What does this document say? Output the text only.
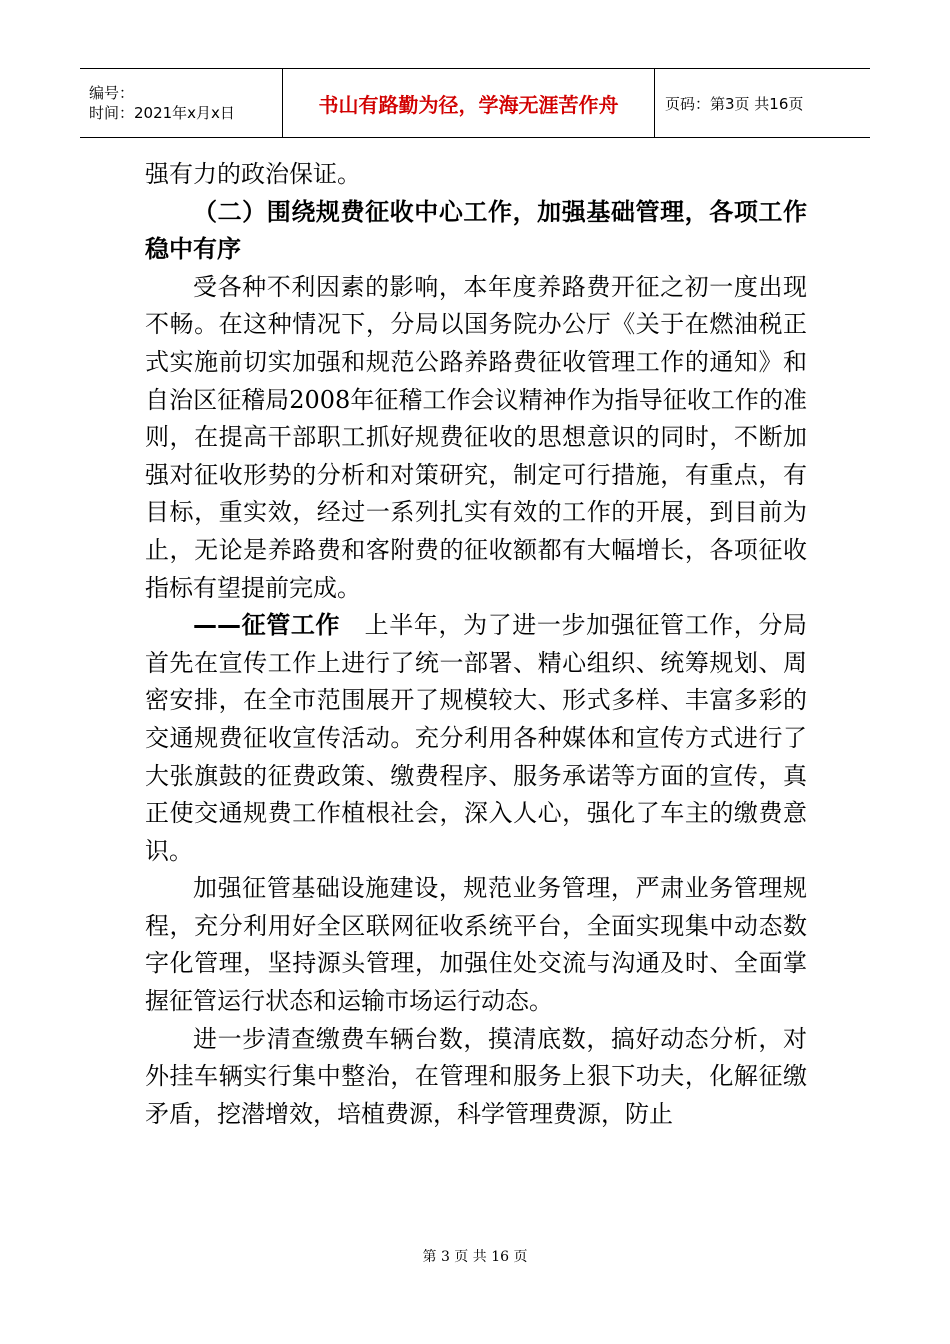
编号：
时间：2021年x月x日	书山有路勤为径，学海无涯苦作舟	页码：第3页 共16页

强有力的政治保证。

（二）围绕规费征收中心工作，加强基础管理，各项工作稳中有序

受各种不利因素的影响，本年度养路费开征之初一度出现不畅。在这种情况下，分局以国务院办公厅《关于在燃油税正式实施前切实加强和规范公路养路费征收管理工作的通知》和自治区征稽局2008年征稽工作会议精神作为指导征收工作的准则，在提高干部职工抓好规费征收的思想意识的同时，不断加强对征收形势的分析和对策研究，制定可行措施，有重点，有目标，重实效，经过一系列扎实有效的工作的开展，到目前为止，无论是养路费和客附费的征收额都有大幅增长，各项征收指标有望提前完成。

——征管工作　上半年，为了进一步加强征管工作，分局首先在宣传工作上进行了统一部署、精心组织、统筹规划、周密安排，在全市范围展开了规模较大、形式多样、丰富多彩的交通规费征收宣传活动。充分利用各种媒体和宣传方式进行了大张旗鼓的征费政策、缴费程序、服务承诺等方面的宣传，真正使交通规费工作植根社会，深入人心，强化了车主的缴费意识。

加强征管基础设施建设，规范业务管理，严肃业务管理规程，充分利用好全区联网征收系统平台，全面实现集中动态数字化管理，坚持源头管理，加强住处交流与沟通及时、全面掌握征管运行状态和运输市场运行动态。

进一步清查缴费车辆台数，摸清底数，搞好动态分析，对外挂车辆实行集中整治，在管理和服务上狠下功夫，化解征缴矛盾，挖潜增效，培植费源，科学管理费源，防止

第 3 页 共 16 页
